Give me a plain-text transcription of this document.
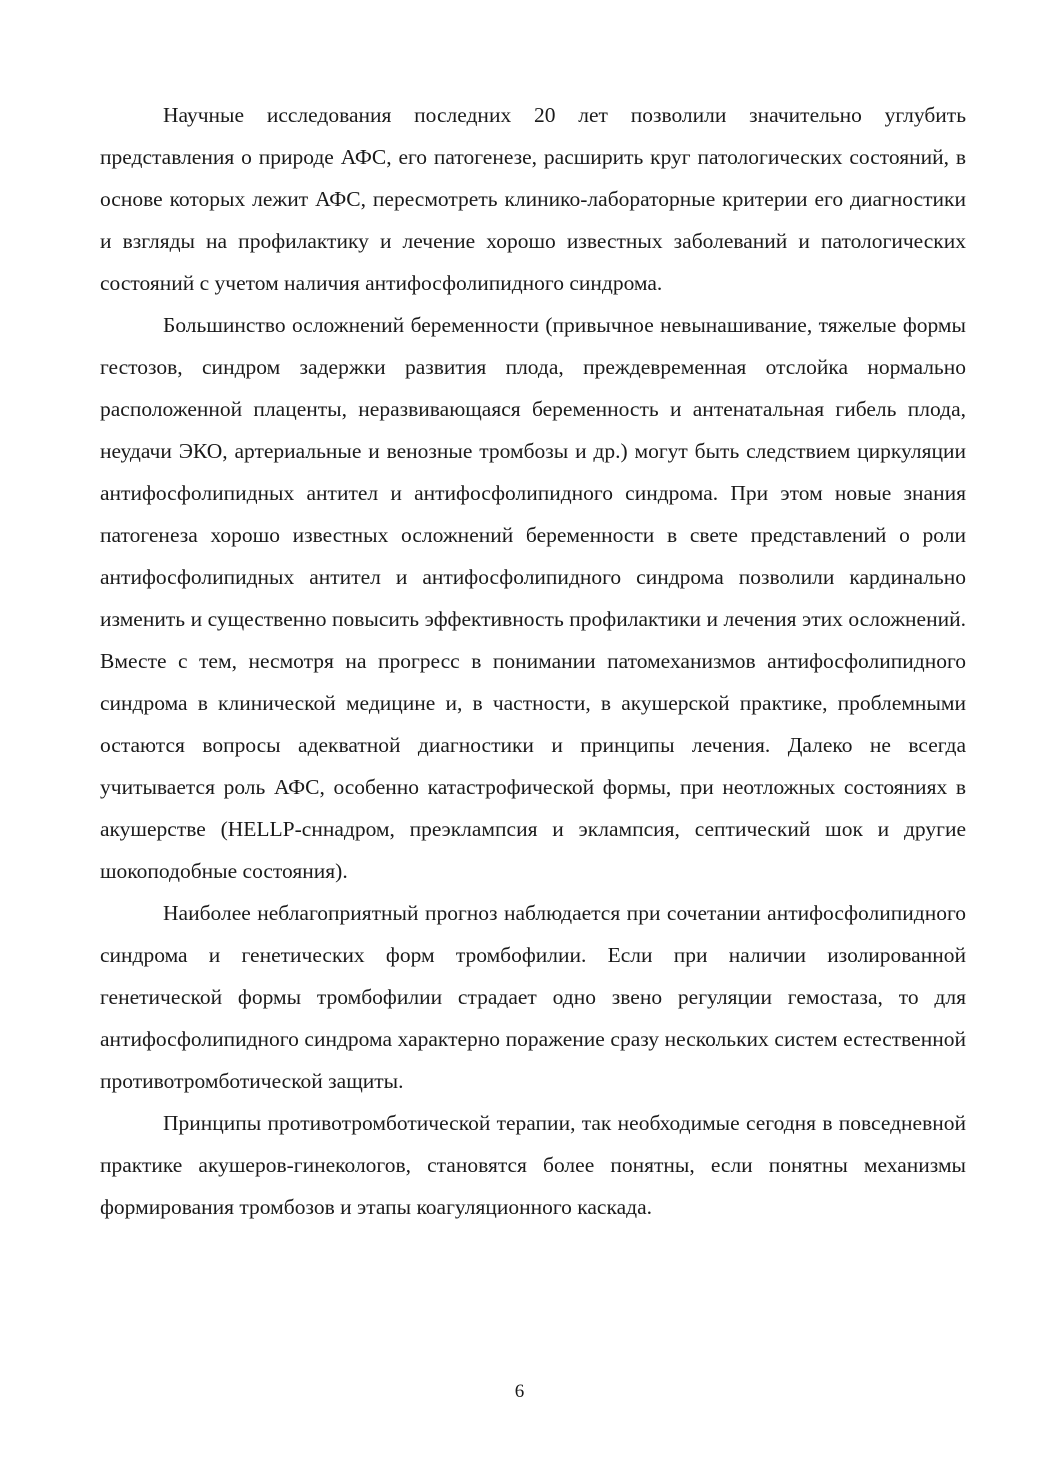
Научные исследования последних 20 лет позволили значительно углубить представления о природе АФС, его патогенезе, расширить круг патологических состояний, в основе которых лежит АФС, пересмотреть клинико-лабораторные критерии его диагностики и взгляды на профилактику и лечение хорошо известных заболеваний и патологических состояний с учетом наличия антифосфолипидного синдрома.

Большинство осложнений беременности (привычное невынашивание, тяжелые формы гестозов, синдром задержки развития плода, преждевременная отслойка нормально расположенной плаценты, неразвивающаяся беременность и антенатальная гибель плода, неудачи ЭКО, артериальные и венозные тромбозы и др.) могут быть следствием циркуляции антифосфолипидных антител и антифосфолипидного синдрома. При этом новые знания патогенеза хорошо известных осложнений беременности в свете представлений о роли антифосфолипидных антител и антифосфолипидного синдрома позволили кардинально изменить и существенно повысить эффективность профилактики и лечения этих осложнений. Вместе с тем, несмотря на прогресс в понимании патомеханизмов антифосфолипидного синдрома в клинической медицине и, в частности, в акушерской практике, проблемными остаются вопросы адекватной диагностики и принципы лечения. Далеко не всегда учитывается роль АФС, особенно катастрофической формы, при неотложных состояниях в акушерстве (HELLP-сннадром, преэклампсия и эклампсия, септический шок и другие шокоподобные состояния).

Наиболее неблагоприятный прогноз наблюдается при сочетании антифосфолипидного синдрома и генетических форм тромбофилии. Если при наличии изолированной генетической формы тромбофилии страдает одно звено регуляции гемостаза, то для антифосфолипидного синдрома характерно поражение сразу нескольких систем естественной противотромботической защиты.

Принципы противотромботической терапии, так необходимые сегодня в повседневной практике акушеров-гинекологов, становятся более понятны, если понятны механизмы формирования тромбозов и этапы коагуляционного каскада.

6
